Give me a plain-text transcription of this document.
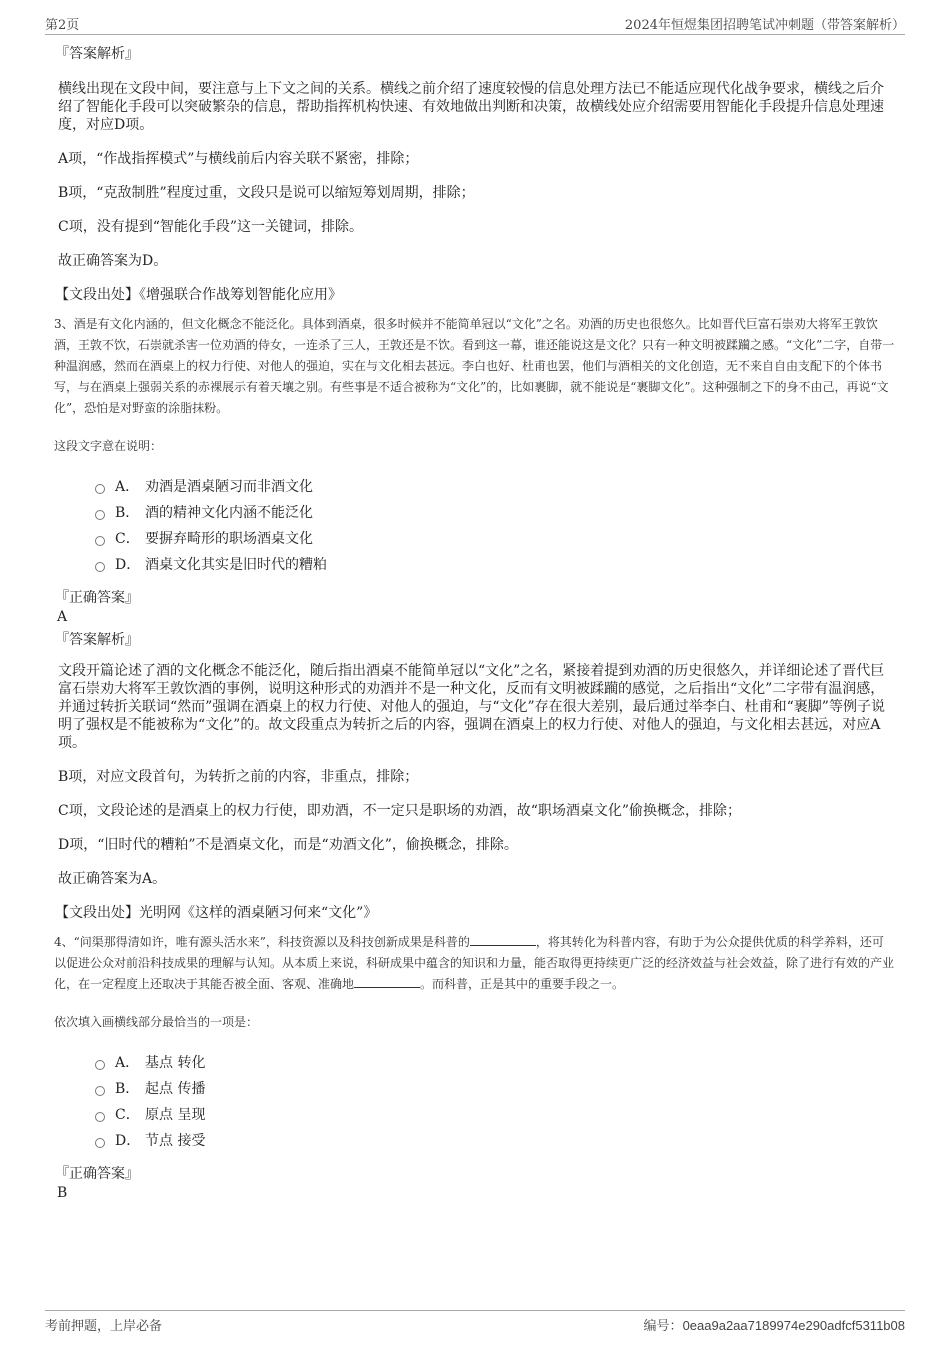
第2页	2024年恒煜集团招聘笔试冲刺题（带答案解析）
『答案解析』
横线出现在文段中间，要注意与上下文之间的关系。横线之前介绍了速度较慢的信息处理方法已不能适应现代化战争要求，横线之后介绍了智能化手段可以突破繁杂的信息，帮助指挥机构快速、有效地做出判断和决策，故横线处应介绍需要用智能化手段提升信息处理速度，对应D项。
A项，“作战指挥模式”与横线前后内容关联不紧密，排除；
B项，“克敌制胜”程度过重，文段只是说可以缩短筹划周期，排除；
C项，没有提到“智能化手段”这一关键词，排除。
故正确答案为D。
【文段出处】《增强联合作战筹划智能化应用》
3、酒是有文化内涵的，但文化概念不能泛化。具体到酒桌，很多时候并不能简单冠以“文化”之名。劝酒的历史也很悠久。比如晋代巨富石崇劝大将军王敦饮酒，王敦不饮，石崇就杀害一位劝酒的侍女，一连杀了三人，王敦还是不饮。看到这一幕，谁还能说这是文化？只有一种文明被蹂躏之感。“文化”二字，自带一种温润感，然而在酒桌上的权力行使、对他人的强迫，实在与文化相去甚远。李白也好、杜甫也罢，他们与酒相关的文化创造，无不来自自由支配下的个体书写，与在酒桌上强弱关系的赤裸展示有着天壤之别。有些事是不适合被称为“文化”的，比如裹脚，就不能说是“裹脚文化”。这种强制之下的身不由己，再说“文化”，恐怕是对野蛮的涂脂抹粉。
这段文字意在说明：
A． 劝酒是酒桌陋习而非酒文化
B． 酒的精神文化内涵不能泛化
C． 要摒弃畸形的职场酒桌文化
D． 酒桌文化其实是旧时代的糟粕
『正确答案』
A
『答案解析』
文段开篇论述了酒的文化概念不能泛化，随后指出酒桌不能简单冠以“文化”之名，紧接着提到劝酒的历史很悠久，并详细论述了晋代巨富石崇劝大将军王敦饮酒的事例，说明这种形式的劝酒并不是一种文化，反而有文明被蹂躏的感觉，之后指出“文化”二字带有温润感，并通过转折关联词“然而”强调在酒桌上的权力行使、对他人的强迫，与“文化”存在很大差别，最后通过举李白、杜甫和“裹脚”等例子说明了强权是不能被称为“文化”的。故文段重点为转折之后的内容，强调在酒桌上的权力行使、对他人的强迫，与文化相去甚远，对应A项。
B项，对应文段首句，为转折之前的内容，非重点，排除；
C项，文段论述的是酒桌上的权力行使，即劝酒，不一定只是职场的劝酒，故“职场酒桌文化”偷换概念，排除；
D项，“旧时代的糟粕”不是酒桌文化，而是“劝酒文化”，偷换概念，排除。
故正确答案为A。
【文段出处】光明网《这样的酒桌陋习何来“文化”》
4、“问渠那得清如许，唯有源头活水来”，科技资源以及科技创新成果是科普的	，将其转化为科普内容，有助于为公众提供优质的科学养料，还可以促进公众对前沿科技成果的理解与认知。从本质上来说，科研成果中蕴含的知识和力量，能否取得更持续更广泛的经济效益与社会效益，除了进行有效的产业化，在一定程度上还取决于其能否被全面、客观、准确地	。而科普，正是其中的重要手段之一。
依次填入画横线部分最恰当的一项是：
A． 基点 转化
B． 起点 传播
C． 原点 呈现
D． 节点 接受
『正确答案』
B
考前押题，上岸必备	编号：0eaa9a2aa7189974e290adfcf5311b08
